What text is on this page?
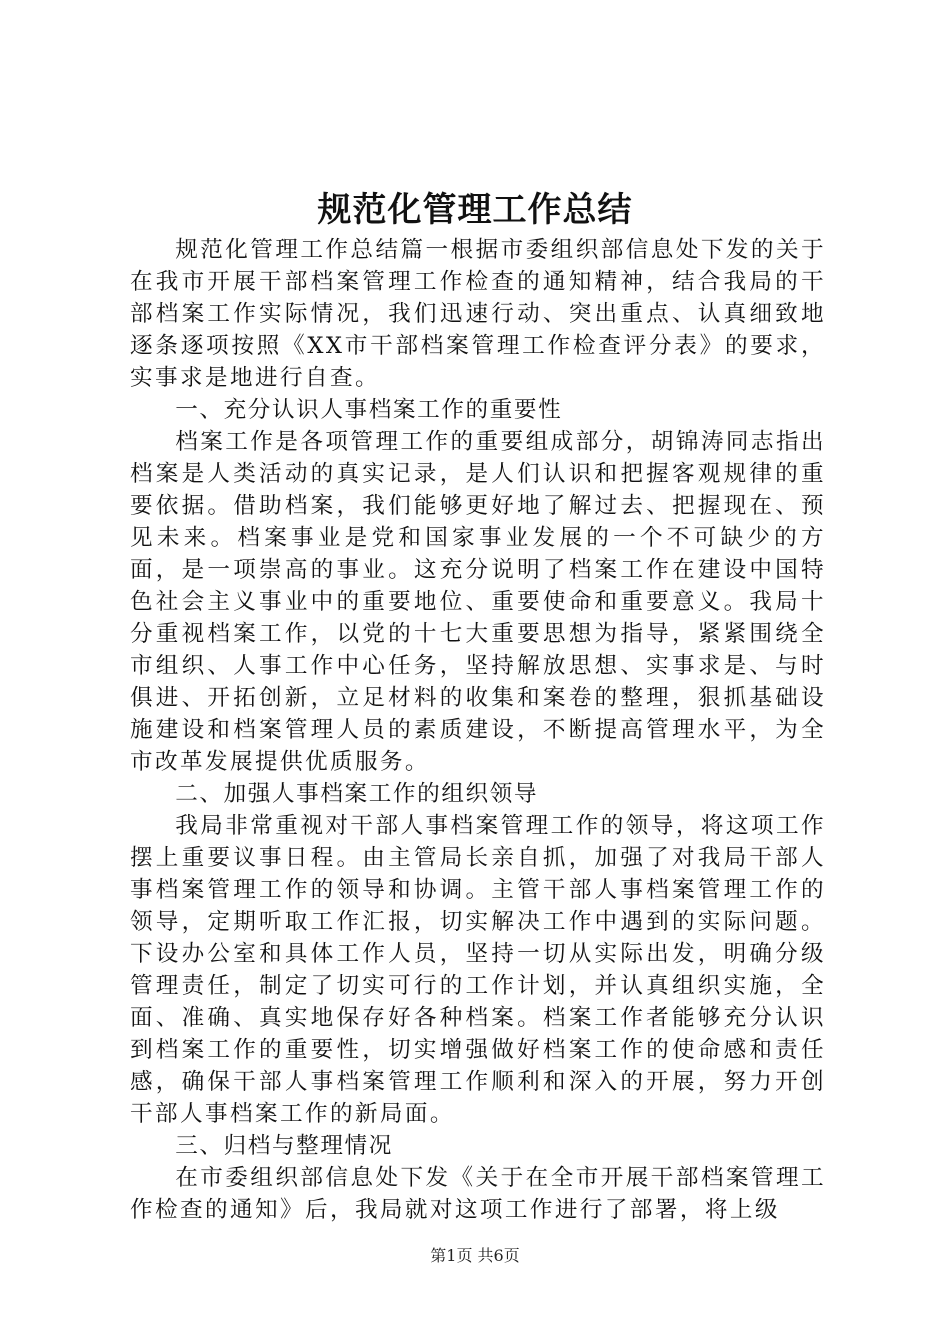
规范化管理工作总结

规范化管理工作总结篇一根据市委组织部信息处下发的关于在我市开展干部档案管理工作检查的通知精神，结合我局的干部档案工作实际情况，我们迅速行动、突出重点、认真细致地逐条逐项按照《XX市干部档案管理工作检查评分表》的要求，实事求是地进行自查。

一、充分认识人事档案工作的重要性

档案工作是各项管理工作的重要组成部分，胡锦涛同志指出档案是人类活动的真实记录，是人们认识和把握客观规律的重要依据。借助档案，我们能够更好地了解过去、把握现在、预见未来。档案事业是党和国家事业发展的一个不可缺少的方面，是一项崇高的事业。这充分说明了档案工作在建设中国特色社会主义事业中的重要地位、重要使命和重要意义。我局十分重视档案工作，以党的十七大重要思想为指导，紧紧围绕全市组织、人事工作中心任务，坚持解放思想、实事求是、与时俱进、开拓创新，立足材料的收集和案卷的整理，狠抓基础设施建设和档案管理人员的素质建设，不断提高管理水平，为全市改革发展提供优质服务。

二、加强人事档案工作的组织领导

我局非常重视对干部人事档案管理工作的领导，将这项工作摆上重要议事日程。由主管局长亲自抓，加强了对我局干部人事档案管理工作的领导和协调。主管干部人事档案管理工作的领导，定期听取工作汇报，切实解决工作中遇到的实际问题。下设办公室和具体工作人员，坚持一切从实际出发，明确分级管理责任，制定了切实可行的工作计划，并认真组织实施，全面、准确、真实地保存好各种档案。档案工作者能够充分认识到档案工作的重要性，切实增强做好档案工作的使命感和责任感，确保干部人事档案管理工作顺利和深入的开展，努力开创干部人事档案工作的新局面。

三、归档与整理情况

在市委组织部信息处下发《关于在全市开展干部档案管理工作检查的通知》后，我局就对这项工作进行了部署，将上级

第1页 共6页
